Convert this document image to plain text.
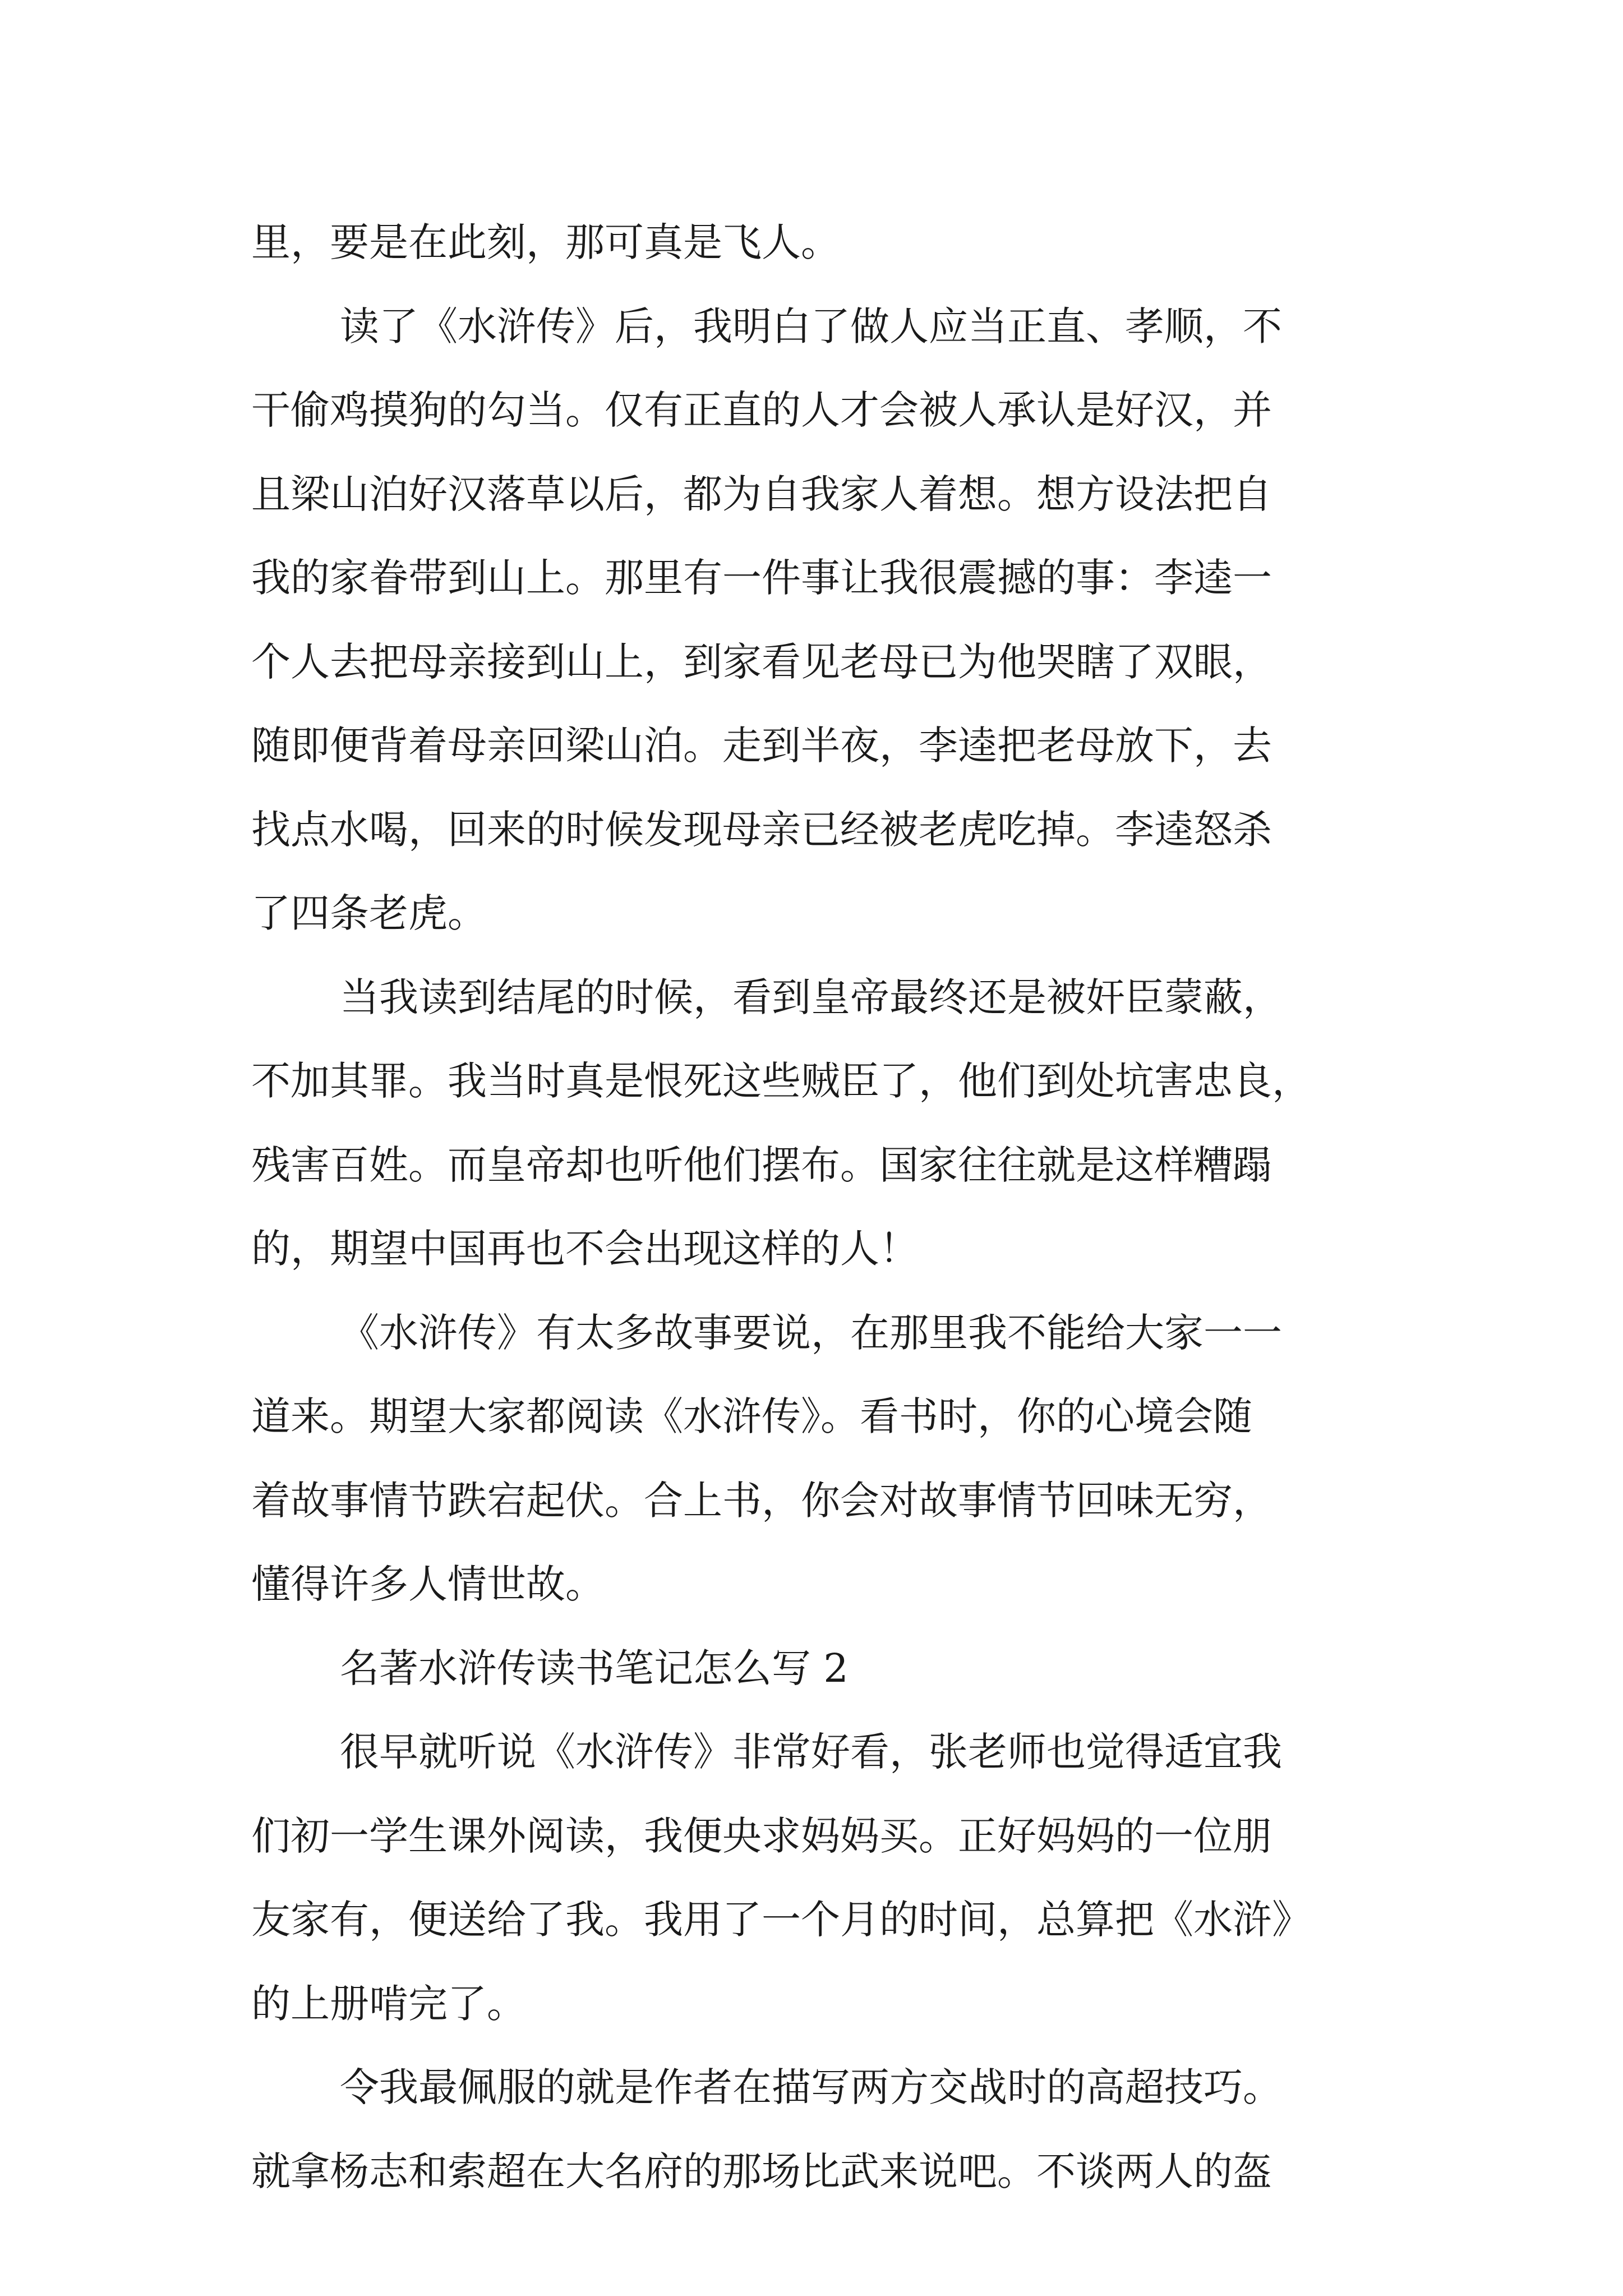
里，要是在此刻，那可真是飞人。

读了《水浒传》后，我明白了做人应当正直、孝顺，不

干偷鸡摸狗的勾当。仅有正直的人才会被人承认是好汉，并

且梁山泊好汉落草以后，都为自我家人着想。想方设法把自

我的家眷带到山上。那里有一件事让我很震撼的事：李逵一

个人去把母亲接到山上，到家看见老母已为他哭瞎了双眼，

随即便背着母亲回梁山泊。走到半夜，李逵把老母放下，去

找点水喝，回来的时候发现母亲已经被老虎吃掉。李逵怒杀

了四条老虎。

当我读到结尾的时候，看到皇帝最终还是被奸臣蒙蔽，

不加其罪。我当时真是恨死这些贼臣了，他们到处坑害忠良，

残害百姓。而皇帝却也听他们摆布。国家往往就是这样糟蹋

的，期望中国再也不会出现这样的人！

《水浒传》有太多故事要说，在那里我不能给大家一一

道来。期望大家都阅读《水浒传》。看书时，你的心境会随

着故事情节跌宕起伏。合上书，你会对故事情节回味无穷，

懂得许多人情世故。

名著水浒传读书笔记怎么写 2

很早就听说《水浒传》非常好看，张老师也觉得适宜我

们初一学生课外阅读，我便央求妈妈买。正好妈妈的一位朋

友家有，便送给了我。我用了一个月的时间，总算把《水浒》

的上册啃完了。

令我最佩服的就是作者在描写两方交战时的高超技巧。

就拿杨志和索超在大名府的那场比武来说吧。不谈两人的盔
